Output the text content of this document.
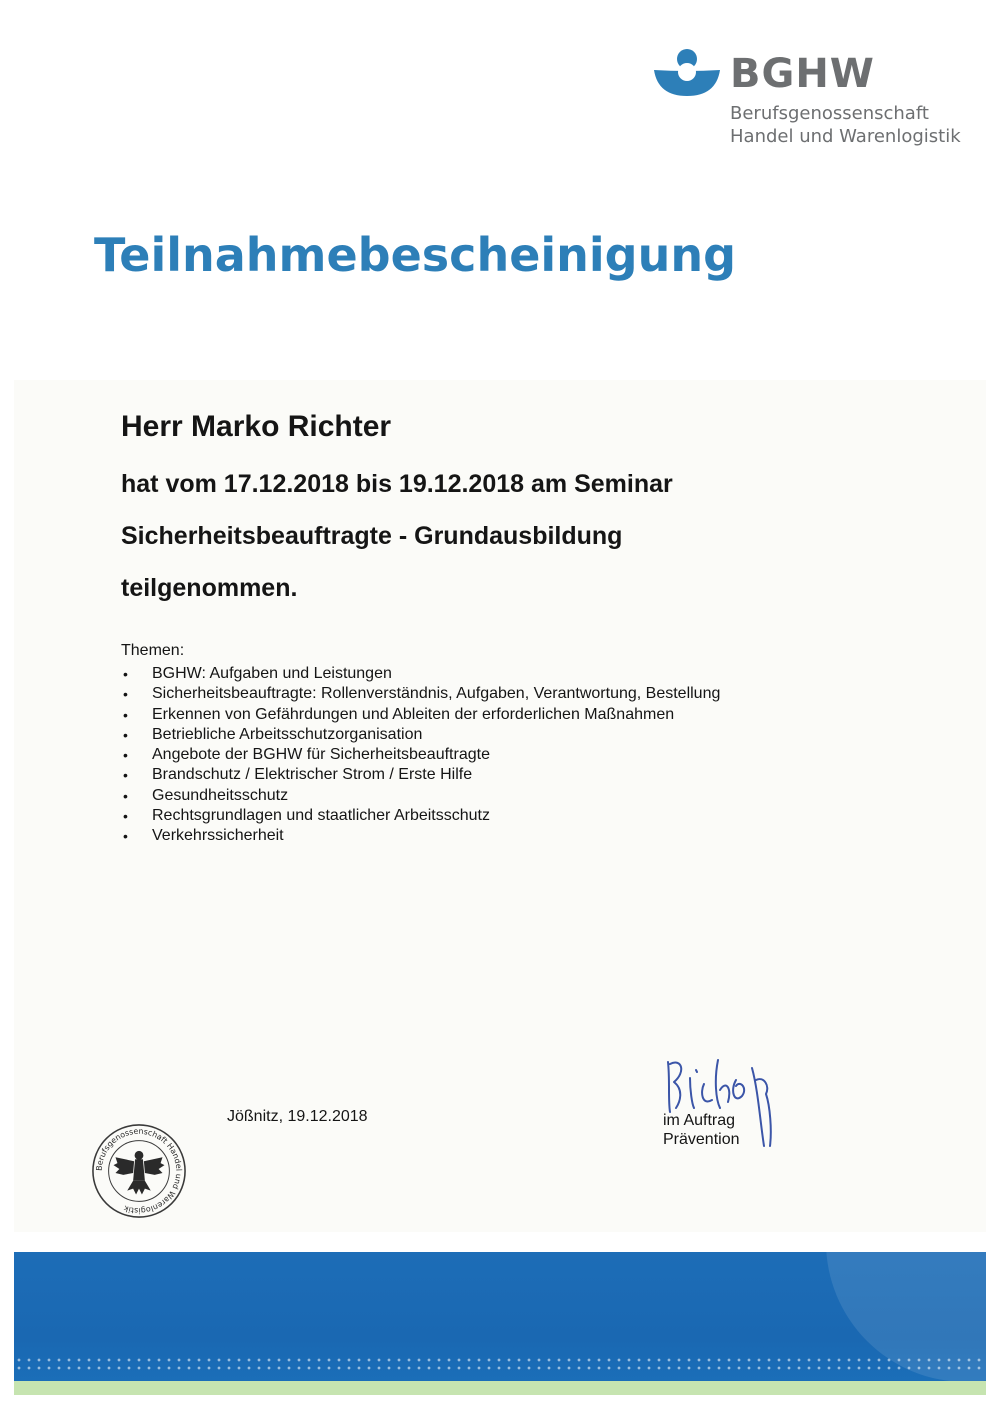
BGHW
Berufsgenossenschaft
Handel und Warenlogistik
Teilnahmebescheinigung
Herr Marko Richter
hat vom 17.12.2018 bis 19.12.2018 am Seminar
Sicherheitsbeauftragte - Grundausbildung
teilgenommen.
Themen:
• BGHW: Aufgaben und Leistungen
• Sicherheitsbeauftragte: Rollenverständnis, Aufgaben, Verantwortung, Bestellung
• Erkennen von Gefährdungen und Ableiten der erforderlichen Maßnahmen
• Betriebliche Arbeitsschutzorganisation
• Angebote der BGHW für Sicherheitsbeauftragte
• Brandschutz / Elektrischer Strom / Erste Hilfe
• Gesundheitsschutz
• Rechtsgrundlagen und staatlicher Arbeitsschutz
• Verkehrssicherheit
Jößnitz, 19.12.2018	im Auftrag
Prävention
Berufsgenossenschaft Handel und Warenlogistik
